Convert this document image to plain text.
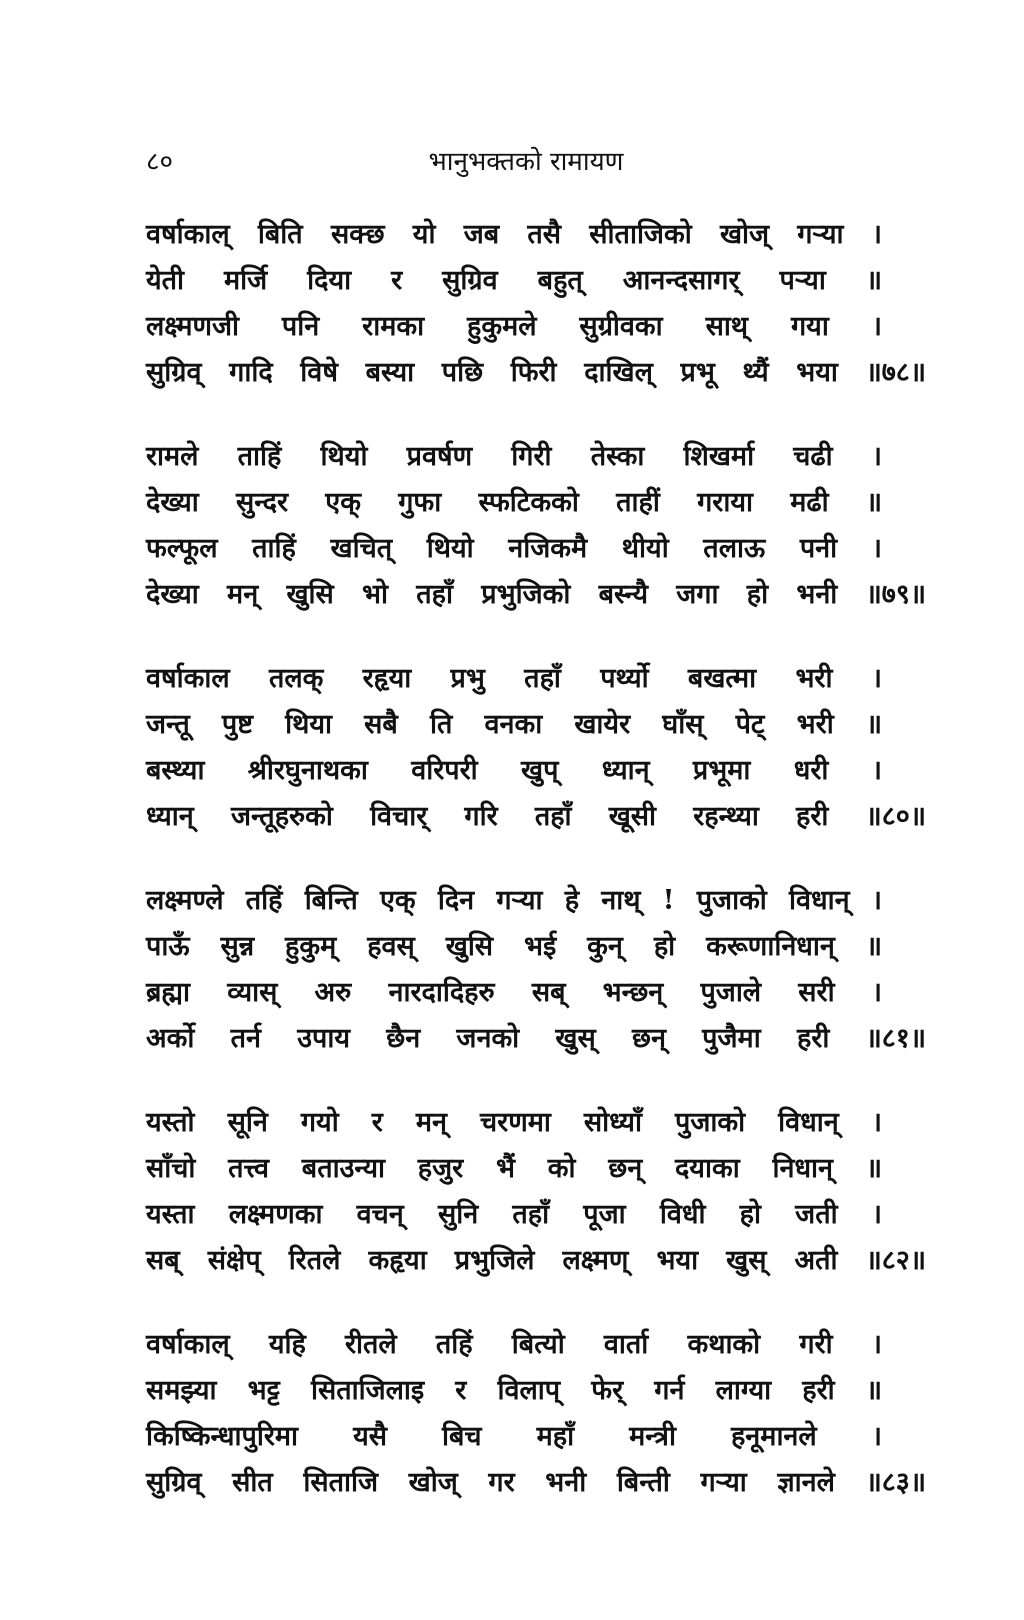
८०	भानुभक्तको रामायण
वर्षाकाल् बिति सक्छ यो जब तसै सीताजिको खोज् गऱ्या ।
येती मर्जि दिया र सुग्रिव बहुत् आनन्दसागर् पऱ्या ॥
लक्ष्मणजी पनि रामका हुकुमले सुग्रीवका साथ् गया ।
सुग्रिव् गादि विषे बस्या पछि फिरी दाखिल् प्रभू थ्यैं भया ॥७८॥
रामले ताहिं थियो प्रवर्षण गिरी तेस्का शिखर्मा चढी ।
देख्या सुन्दर एक् गुफा स्फटिकको ताहीं गराया मढी ॥
फल्फूल ताहिं खचित् थियो नजिकमै थीयो तलाऊ पनी ।
देख्या मन् खुसि भो तहाँ प्रभुजिको बस्न्यै जगा हो भनी ॥७९॥
वर्षाकाल तलक् रहृया प्रभु तहाँ पर्थ्यो बखत्मा भरी ।
जन्तू पुष्ट थिया सबै ति वनका खायेर घाँस् पेट् भरी ॥
बस्थ्या श्रीरघुनाथका वरिपरी खुप् ध्यान् प्रभूमा धरी ।
ध्यान् जन्तूहरुको विचार् गरि तहाँ खूसी रहन्थ्या हरी ॥८०॥
लक्ष्मण्ले तहिं बिन्ति एक् दिन गऱ्या हे नाथ् ! पुजाको विधान् ।
पाऊँ सुन्न हुकुम् हवस् खुसि भई कुन् हो करूणानिधान् ॥
ब्रह्मा व्यास् अरु नारदादिहरु सब् भन्छन् पुजाले सरी ।
अर्को तर्न उपाय छैन जनको खुस् छन् पुजैमा हरी ॥८१॥
यस्तो सूनि गयो र मन् चरणमा सोध्याँ पुजाको विधान् ।
साँचो तत्त्व बताउन्या हजुर भैं को छन् दयाका निधान् ॥
यस्ता लक्ष्मणका वचन् सुनि तहाँ पूजा विधी हो जती ।
सब् संक्षेप् रितले कहृया प्रभुजिले लक्ष्मण् भया खुस् अती ॥८२॥
वर्षाकाल् यहि रीतले तहिं बित्यो वार्ता कथाको गरी ।
समझ्या भट्ट सिताजिलाइ र विलाप् फेर् गर्न लाग्या हरी ॥
किष्किन्धापुरिमा यसै बिच महाँ मन्त्री हनूमानले ।
सुग्रिव् सीत सिताजि खोज् गर भनी बिन्ती गऱ्या ज्ञानले ॥८३॥
